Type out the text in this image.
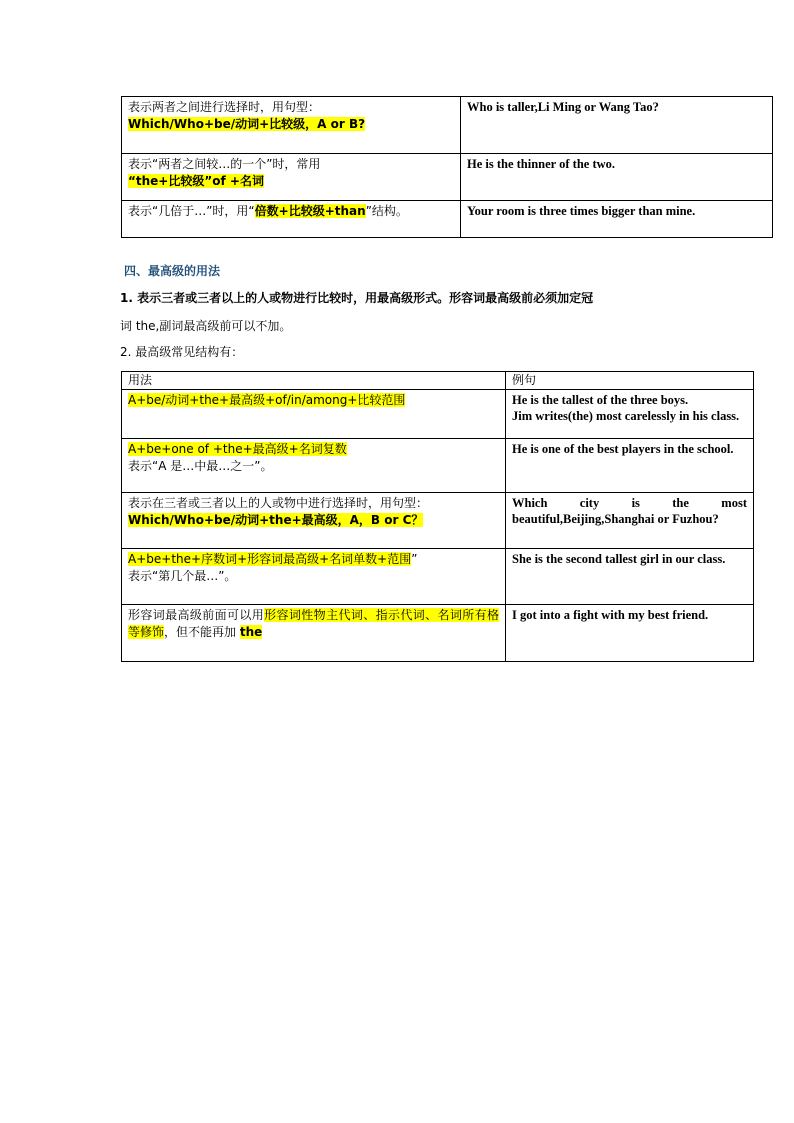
表示两者之间进行选择时，用句型：
Which/Who+be/动词+比较级，A or B?	Who is taller,Li Ming or Wang Tao?

表示“两者之间较…的一个”时，常用
“the+比较级”of +名词	He is the thinner of the two.
表示“几倍于…”时，用“倍数+比较级+than”结构。	Your room is three times bigger than mine.
四、最高级的用法
1. 表示三者或三者以上的人或物进行比较时，用最高级形式。形容词最高级前必须加定冠
词 the,副词最高级前可以不加。
2. 最高级常见结构有：
用法	例句
A+be/动词+the+最高级+of/in/among+比较范围	He is the tallest of the three boys.
Jim writes(the) most carelessly in his class.

A+be+one of +the+最高级+名词复数
表示“A 是…中最…之一”。	He is one of the best players in the school.

表示在三者或三者以上的人或物中进行选择时，用句型：
Which/Who+be/动词+the+最高级，A，B or C？	Which city is the most beautiful,Beijing,Shanghai or Fuzhou?

A+be+the+序数词+形容词最高级+名词单数+范围”
表示“第几个最…”。	She is the second tallest girl in our class.
形容词最高级前面可以用形容词性物主代词、指示代词、名词所有格等修饰，但不能再加 the	I got into a fight with my best friend.
